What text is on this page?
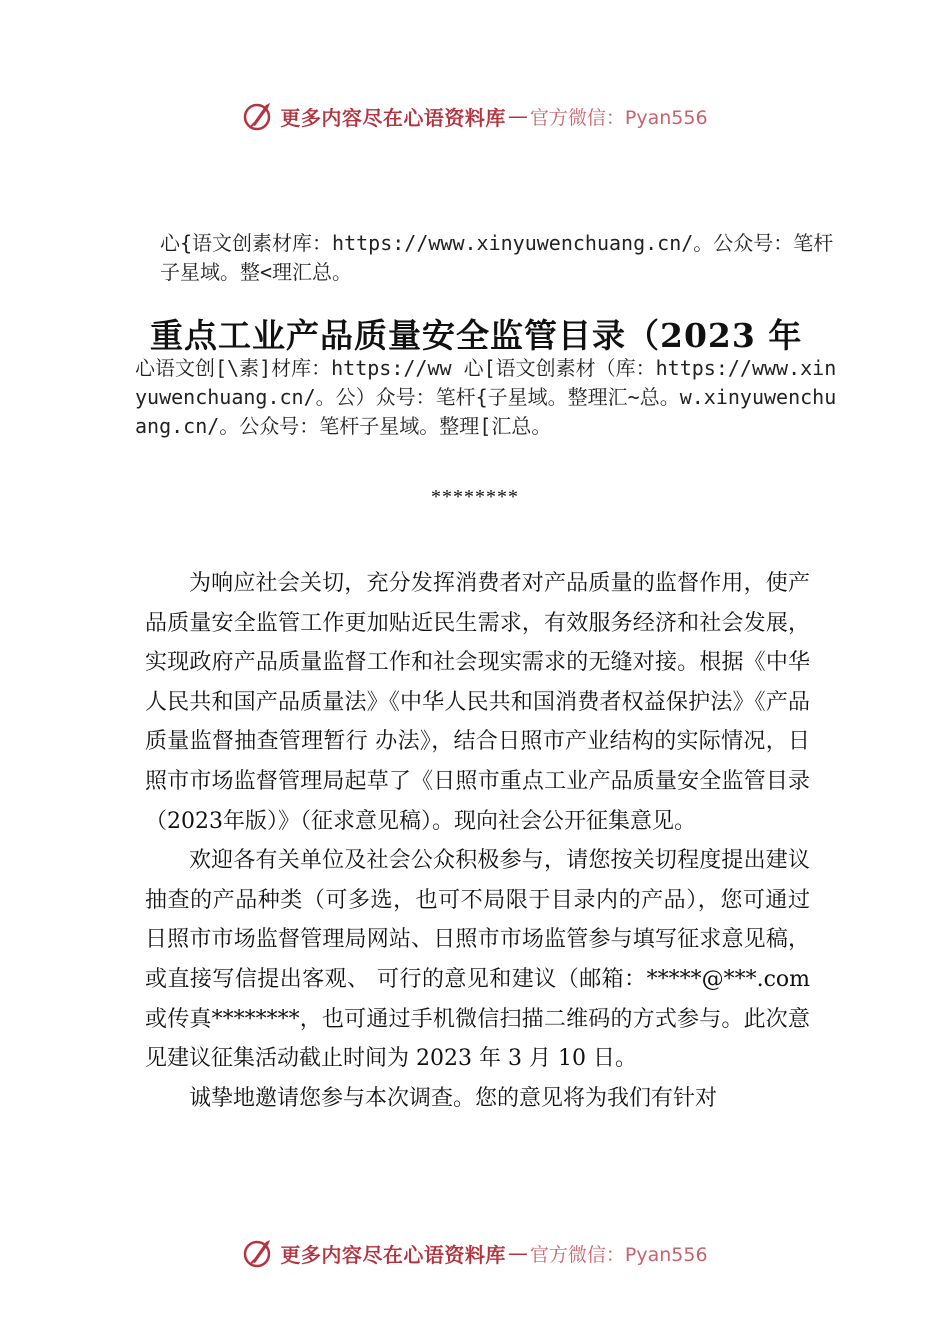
更多内容尽在心语资料库 — 官方微信：Pyan556
心{语文创素材库：https://www.xinyuwenchuang.cn/。公众号：笔杆子星域。整<理汇总。
重点工业产品质量安全监管目录（2023 年
心语文创[\素]材库：https://ww 心[语文创素材（库：https://www.xinyuwenchuang.cn/。公）众号：笔杆{子星域。整理汇~总。w.xinyuwenchuang.cn/。公众号：笔杆子星域。整理[汇总。
********

为响应社会关切，充分发挥消费者对产品质量的监督作用，使产品质量安全监管工作更加贴近民生需求，有效服务经济和社会发展，实现政府产品质量监督工作和社会现实需求的无缝对接。根据《中华人民共和国产品质量法》《中华人民共和国消费者权益保护法》《产品质量监督抽查管理暂行 办法》，结合日照市产业结构的实际情况，日照市市场监督管理局起草了《日照市重点工业产品质量安全监管目录（2023年版）》（征求意见稿）。现向社会公开征集意见。

欢迎各有关单位及社会公众积极参与，请您按关切程度提出建议抽查的产品种类（可多选，也可不局限于目录内的产品），您可通过日照市市场监督管理局网站、日照市市场监管参与填写征求意见稿，或直接写信提出客观、 可行的意见和建议（邮箱：*****@***.com 或传真********，也可通过手机微信扫描二维码的方式参与。此次意见建议征集活动截止时间为 2023 年 3 月 10 日。

诚挚地邀请您参与本次调查。您的意见将为我们有针对

更多内容尽在心语资料库 — 官方微信：Pyan556
